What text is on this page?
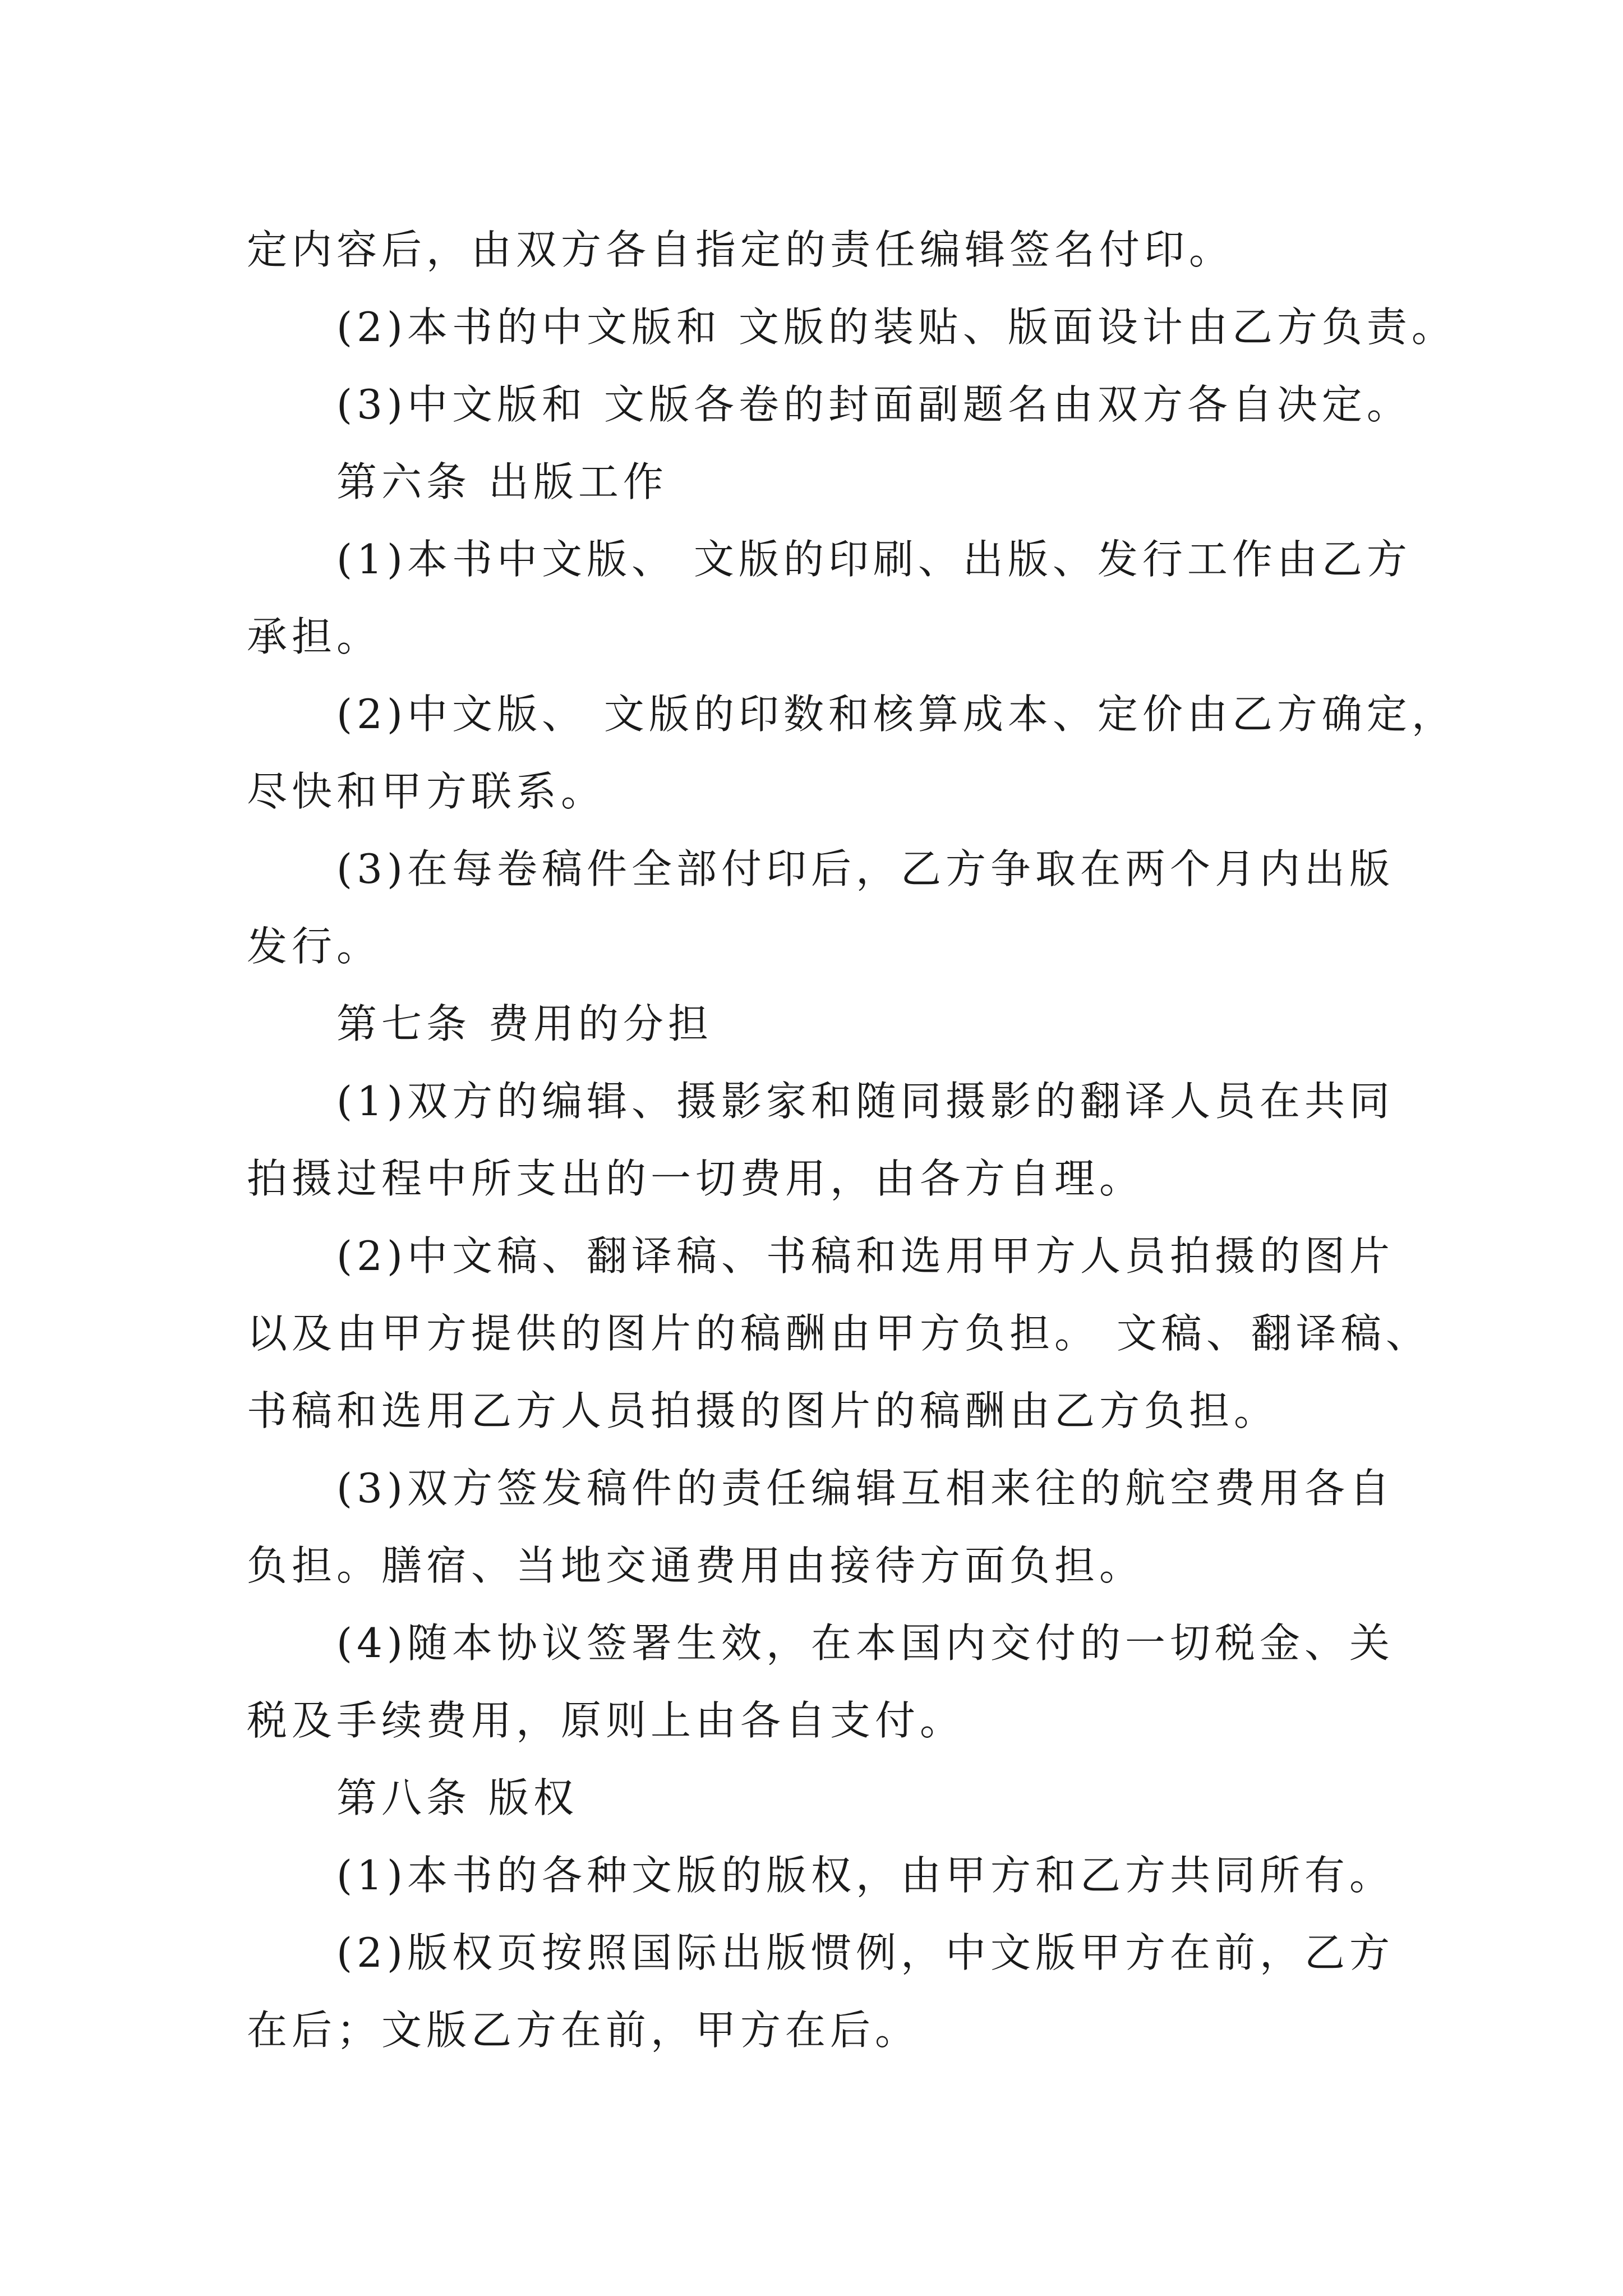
定内容后，由双方各自指定的责任编辑签名付印。
(2)本书的中文版和 文版的装贴、版面设计由乙方负责。
(3)中文版和 文版各卷的封面副题名由双方各自决定。
第六条 出版工作
(1)本书中文版、 文版的印刷、出版、发行工作由乙方
承担。
(2)中文版、 文版的印数和核算成本、定价由乙方确定，
尽快和甲方联系。
(3)在每卷稿件全部付印后，乙方争取在两个月内出版
发行。
第七条 费用的分担
(1)双方的编辑、摄影家和随同摄影的翻译人员在共同
拍摄过程中所支出的一切费用，由各方自理。
(2)中文稿、翻译稿、书稿和选用甲方人员拍摄的图片
以及由甲方提供的图片的稿酬由甲方负担。 文稿、翻译稿、
书稿和选用乙方人员拍摄的图片的稿酬由乙方负担。
(3)双方签发稿件的责任编辑互相来往的航空费用各自
负担。膳宿、当地交通费用由接待方面负担。
(4)随本协议签署生效，在本国内交付的一切税金、关
税及手续费用，原则上由各自支付。
第八条 版权
(1)本书的各种文版的版权，由甲方和乙方共同所有。
(2)版权页按照国际出版惯例，中文版甲方在前，乙方
在后；文版乙方在前，甲方在后。
